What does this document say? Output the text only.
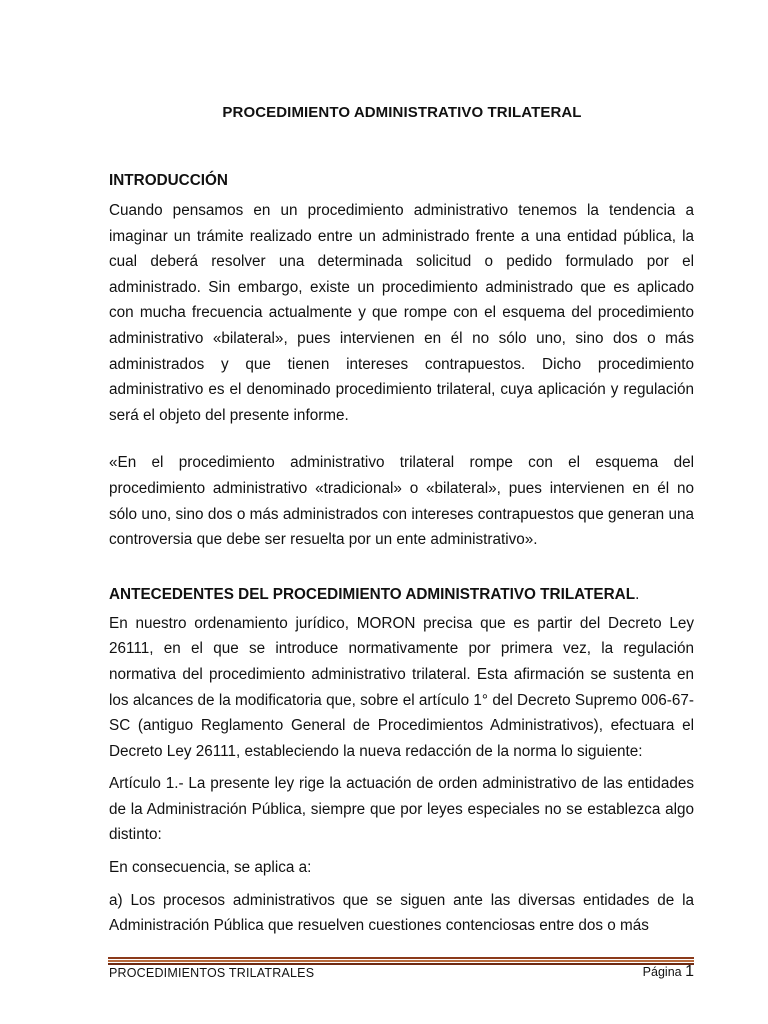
PROCEDIMIENTO ADMINISTRATIVO TRILATERAL
INTRODUCCIÓN

Cuando pensamos en un procedimiento administrativo tenemos la tendencia a imaginar un trámite realizado entre un administrado frente a una entidad pública, la cual deberá resolver una determinada solicitud o pedido formulado por el administrado. Sin embargo, existe un procedimiento administrado que es aplicado con mucha frecuencia actualmente y que rompe con el esquema del procedimiento administrativo «bilateral», pues intervienen en él no sólo uno, sino dos o más administrados y que tienen intereses contrapuestos. Dicho procedimiento administrativo es el denominado procedimiento trilateral, cuya aplicación y regulación será el objeto del presente informe.

«En el procedimiento administrativo trilateral rompe con el esquema del procedimiento administrativo «tradicional» o «bilateral», pues intervienen en él no sólo uno, sino dos o más administrados con intereses contrapuestos que generan una controversia que debe ser resuelta por un ente administrativo».

ANTECEDENTES DEL PROCEDIMIENTO ADMINISTRATIVO TRILATERAL.

En nuestro ordenamiento jurídico, MORON precisa que es partir del Decreto Ley 26111, en el que se introduce normativamente por primera vez, la regulación normativa del procedimiento administrativo trilateral. Esta afirmación se sustenta en los alcances de la modificatoria que, sobre el artículo 1° del Decreto Supremo 006-67-SC (antiguo Reglamento General de Procedimientos Administrativos), efectuara el Decreto Ley 26111, estableciendo la nueva redacción de la norma lo siguiente:

Artículo 1.- La presente ley rige la actuación de orden administrativo de las entidades de la Administración Pública, siempre que por leyes especiales no se establezca algo distinto:

En consecuencia, se aplica a:

a) Los procesos administrativos que se siguen ante las diversas entidades de la Administración Pública que resuelven cuestiones contenciosas entre dos o más

PROCEDIMIENTOS TRILATRALES	Página 1
